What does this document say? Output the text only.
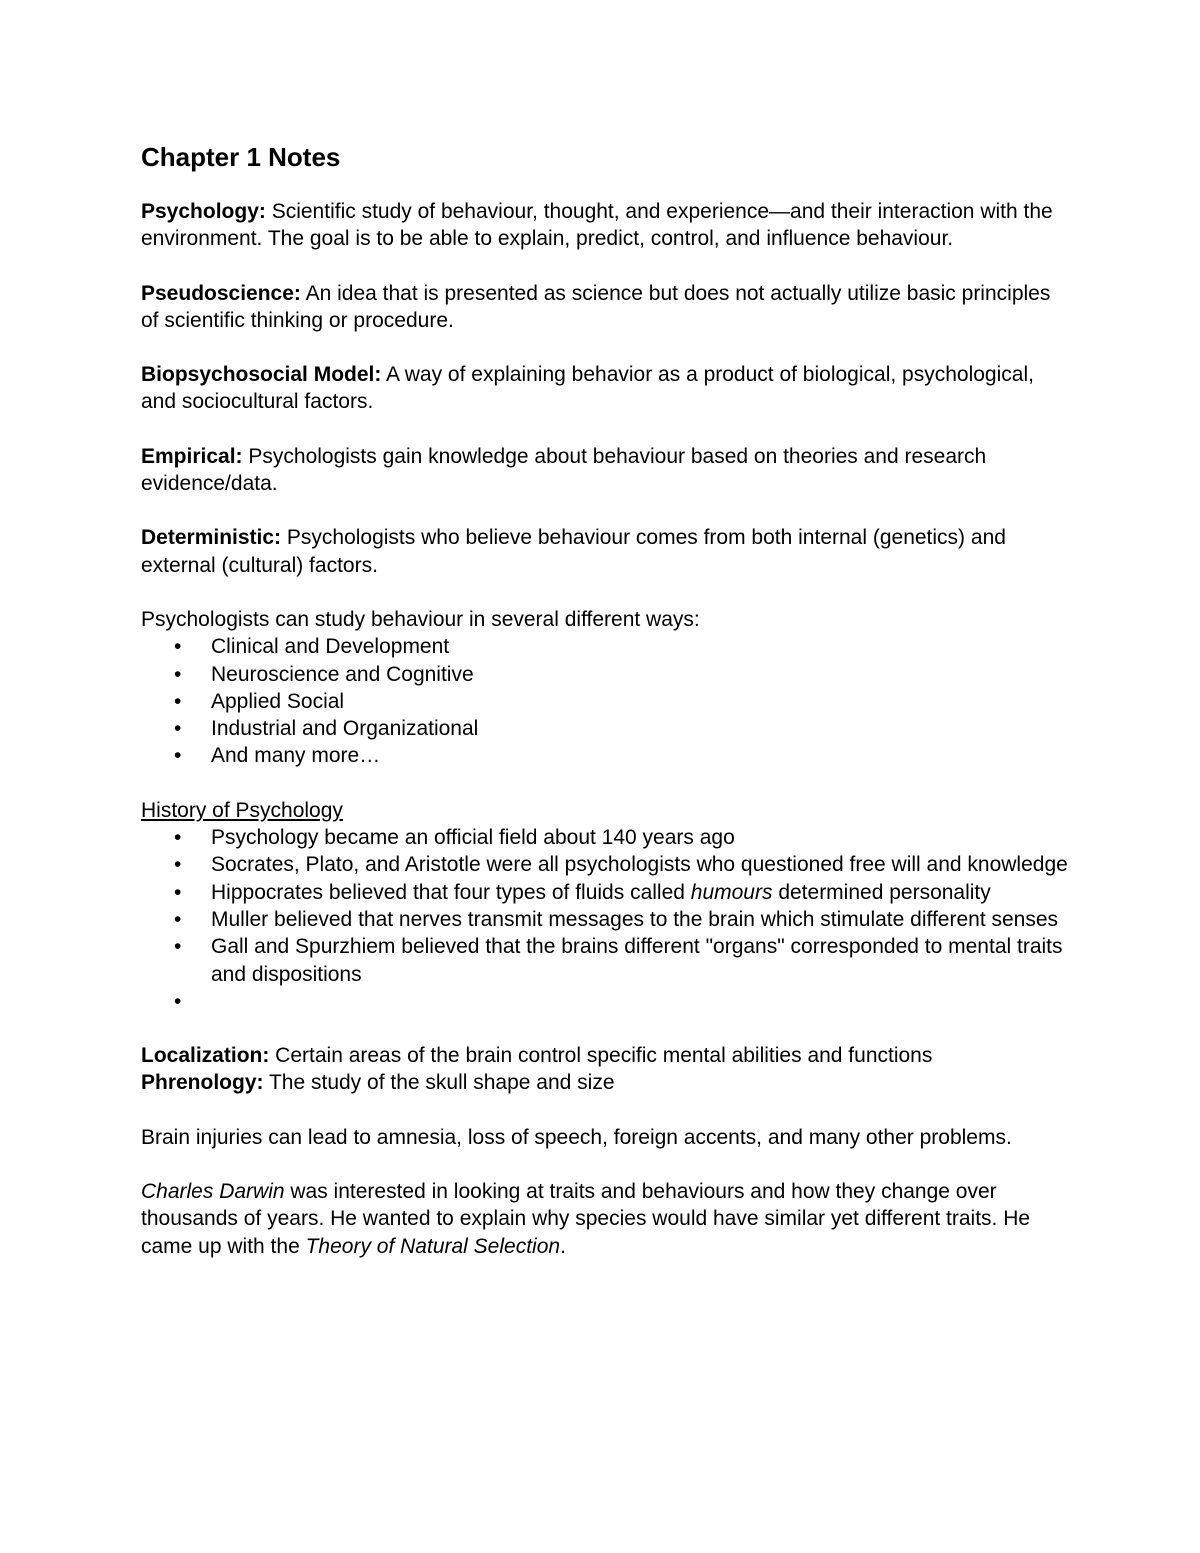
Chapter 1 Notes

Psychology: Scientific study of behaviour, thought, and experience—and their interaction with the environment. The goal is to be able to explain, predict, control, and influence behaviour.

Pseudoscience: An idea that is presented as science but does not actually utilize basic principles of scientific thinking or procedure.

Biopsychosocial Model: A way of explaining behavior as a product of biological, psychological, and sociocultural factors.

Empirical: Psychologists gain knowledge about behaviour based on theories and research evidence/data.

Deterministic: Psychologists who believe behaviour comes from both internal (genetics) and external (cultural) factors.

Psychologists can study behaviour in several different ways:

• Clinical and Development
• Neuroscience and Cognitive
• Applied Social
• Industrial and Organizational
• And many more…

History of Psychology

• Psychology became an official field about 140 years ago
• Socrates, Plato, and Aristotle were all psychologists who questioned free will and knowledge
• Hippocrates believed that four types of fluids called humours determined personality
• Muller believed that nerves transmit messages to the brain which stimulate different senses
• Gall and Spurzhiem believed that the brains different "organs" corresponded to mental traits and dispositions
•

Localization: Certain areas of the brain control specific mental abilities and functions

Phrenology: The study of the skull shape and size

Brain injuries can lead to amnesia, loss of speech, foreign accents, and many other problems.

Charles Darwin was interested in looking at traits and behaviours and how they change over thousands of years. He wanted to explain why species would have similar yet different traits. He came up with the Theory of Natural Selection.
